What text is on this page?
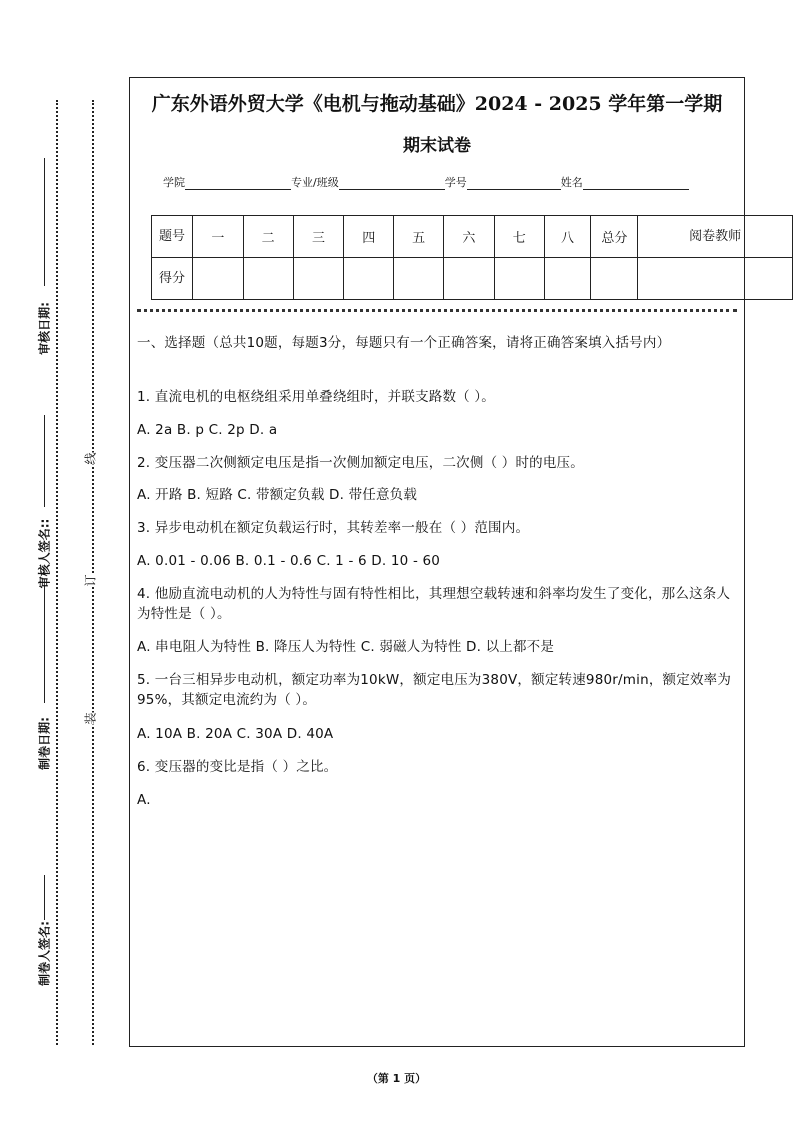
审核日期:
审核人签名::
制卷日期:
制卷人签名:
线
订
装
广东外语外贸大学《电机与拖动基础》2024 - 2025 学年第一学期
期末试卷
学院	专业/班级	学号	姓名
题号	一	二	三	四	五	六	七	八	总分	阅卷教师
得分										
一、选择题（总共10题，每题3分，每题只有一个正确答案，请将正确答案填入括号内）
1. 直流电机的电枢绕组采用单叠绕组时，并联支路数（ ）。
A. 2a B. p C. 2p D. a
2. 变压器二次侧额定电压是指一次侧加额定电压，二次侧（ ）时的电压。
A. 开路 B. 短路 C. 带额定负载 D. 带任意负载
3. 异步电动机在额定负载运行时，其转差率一般在（ ）范围内。
A. 0.01 - 0.06 B. 0.1 - 0.6 C. 1 - 6 D. 10 - 60
4. 他励直流电动机的人为特性与固有特性相比，其理想空载转速和斜率均发生了变化，那么这条人为特性是（ ）。
A. 串电阻人为特性 B. 降压人为特性 C. 弱磁人为特性 D. 以上都不是
5. 一台三相异步电动机，额定功率为10kW，额定电压为380V，额定转速980r/min，额定效率为95%，其额定电流约为（ ）。
A. 10A B. 20A C. 30A D. 40A
6. 变压器的变比是指（ ）之比。
A.
（第 1 页）
